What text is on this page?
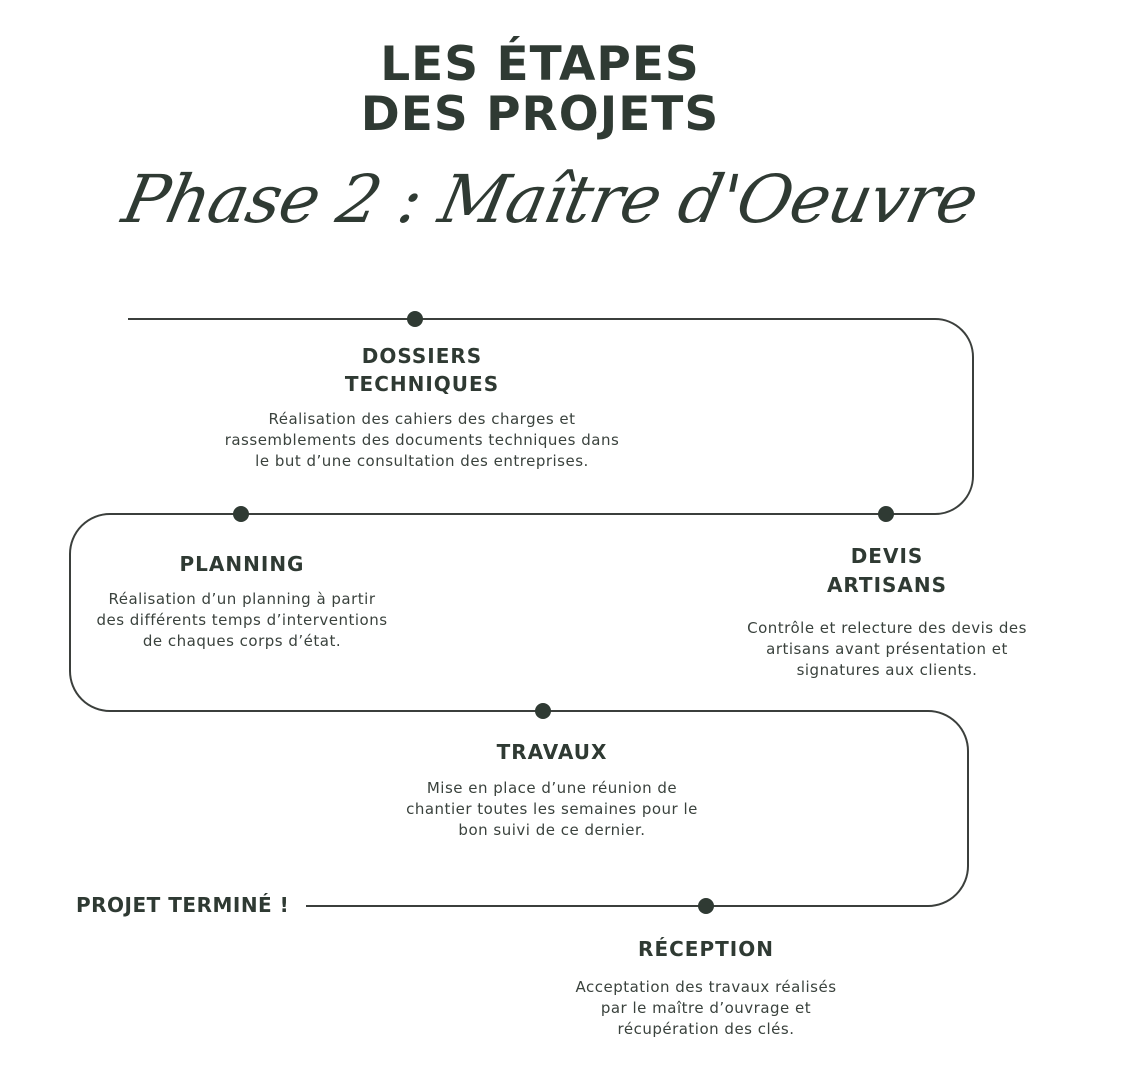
LES ÉTAPES
DES PROJETS
Phase 2 : Maître d'Oeuvre
DOSSIERS
TECHNIQUES
Réalisation des cahiers des charges et
rassemblements des documents techniques dans
le but d’une consultation des entreprises.
DEVIS
ARTISANS
Contrôle et relecture des devis des
artisans avant présentation et
signatures aux clients.
PLANNING
Réalisation d’un planning à partir
des différents temps d’interventions
de chaques corps d’état.
TRAVAUX
Mise en place d’une réunion de
chantier toutes les semaines pour le
bon suivi de ce dernier.
RÉCEPTION
Acceptation des travaux réalisés
par le maître d’ouvrage et
récupération des clés.
PROJET TERMINÉ !
